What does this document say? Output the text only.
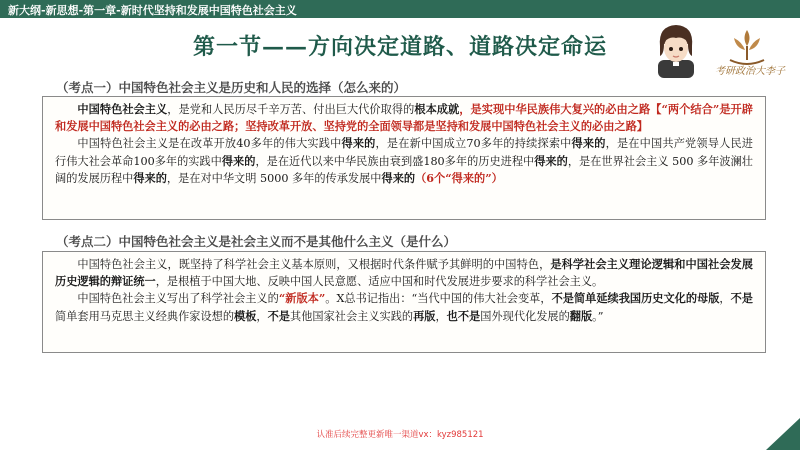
新大纲-新思想-第一章-新时代坚持和发展中国特色社会主义
第一节——方向决定道路、道路决定命运
考研政治大李子
（考点一）中国特色社会主义是历史和人民的选择（怎么来的）

中国特色社会主义，是党和人民历尽千辛万苦、付出巨大代价取得的根本成就，是实现中华民族伟大复兴的必由之路【“两个结合”是开辟和发展中国特色社会主义的必由之路；坚持改革开放、坚持党的全面领导都是坚持和发展中国特色社会主义的必由之路】

中国特色社会主义是在改革开放40多年的伟大实践中得来的，是在新中国成立70多年的持续探索中得来的，是在中国共产党领导人民进行伟大社会革命100多年的实践中得来的，是在近代以来中华民族由衰到盛180多年的历史进程中得来的，是在世界社会主义 500 多年波澜壮阔的发展历程中得来的，是在对中华文明 5000 多年的传承发展中得来的（6个“得来的”）

（考点二）中国特色社会主义是社会主义而不是其他什么主义（是什么）

中国特色社会主义，既坚持了科学社会主义基本原则，又根据时代条件赋予其鲜明的中国特色，是科学社会主义理论逻辑和中国社会发展历史逻辑的辩证统一，是根植于中国大地、反映中国人民意愿、适应中国和时代发展进步要求的科学社会主义。

中国特色社会主义写出了科学社会主义的“新版本”。X总书记指出：“当代中国的伟大社会变革，不是简单延续我国历史文化的母版，不是简单套用马克思主义经典作家设想的模板，不是其他国家社会主义实践的再版，也不是国外现代化发展的翻版。”

认准后续完整更新唯一渠道vx：kyz985121
